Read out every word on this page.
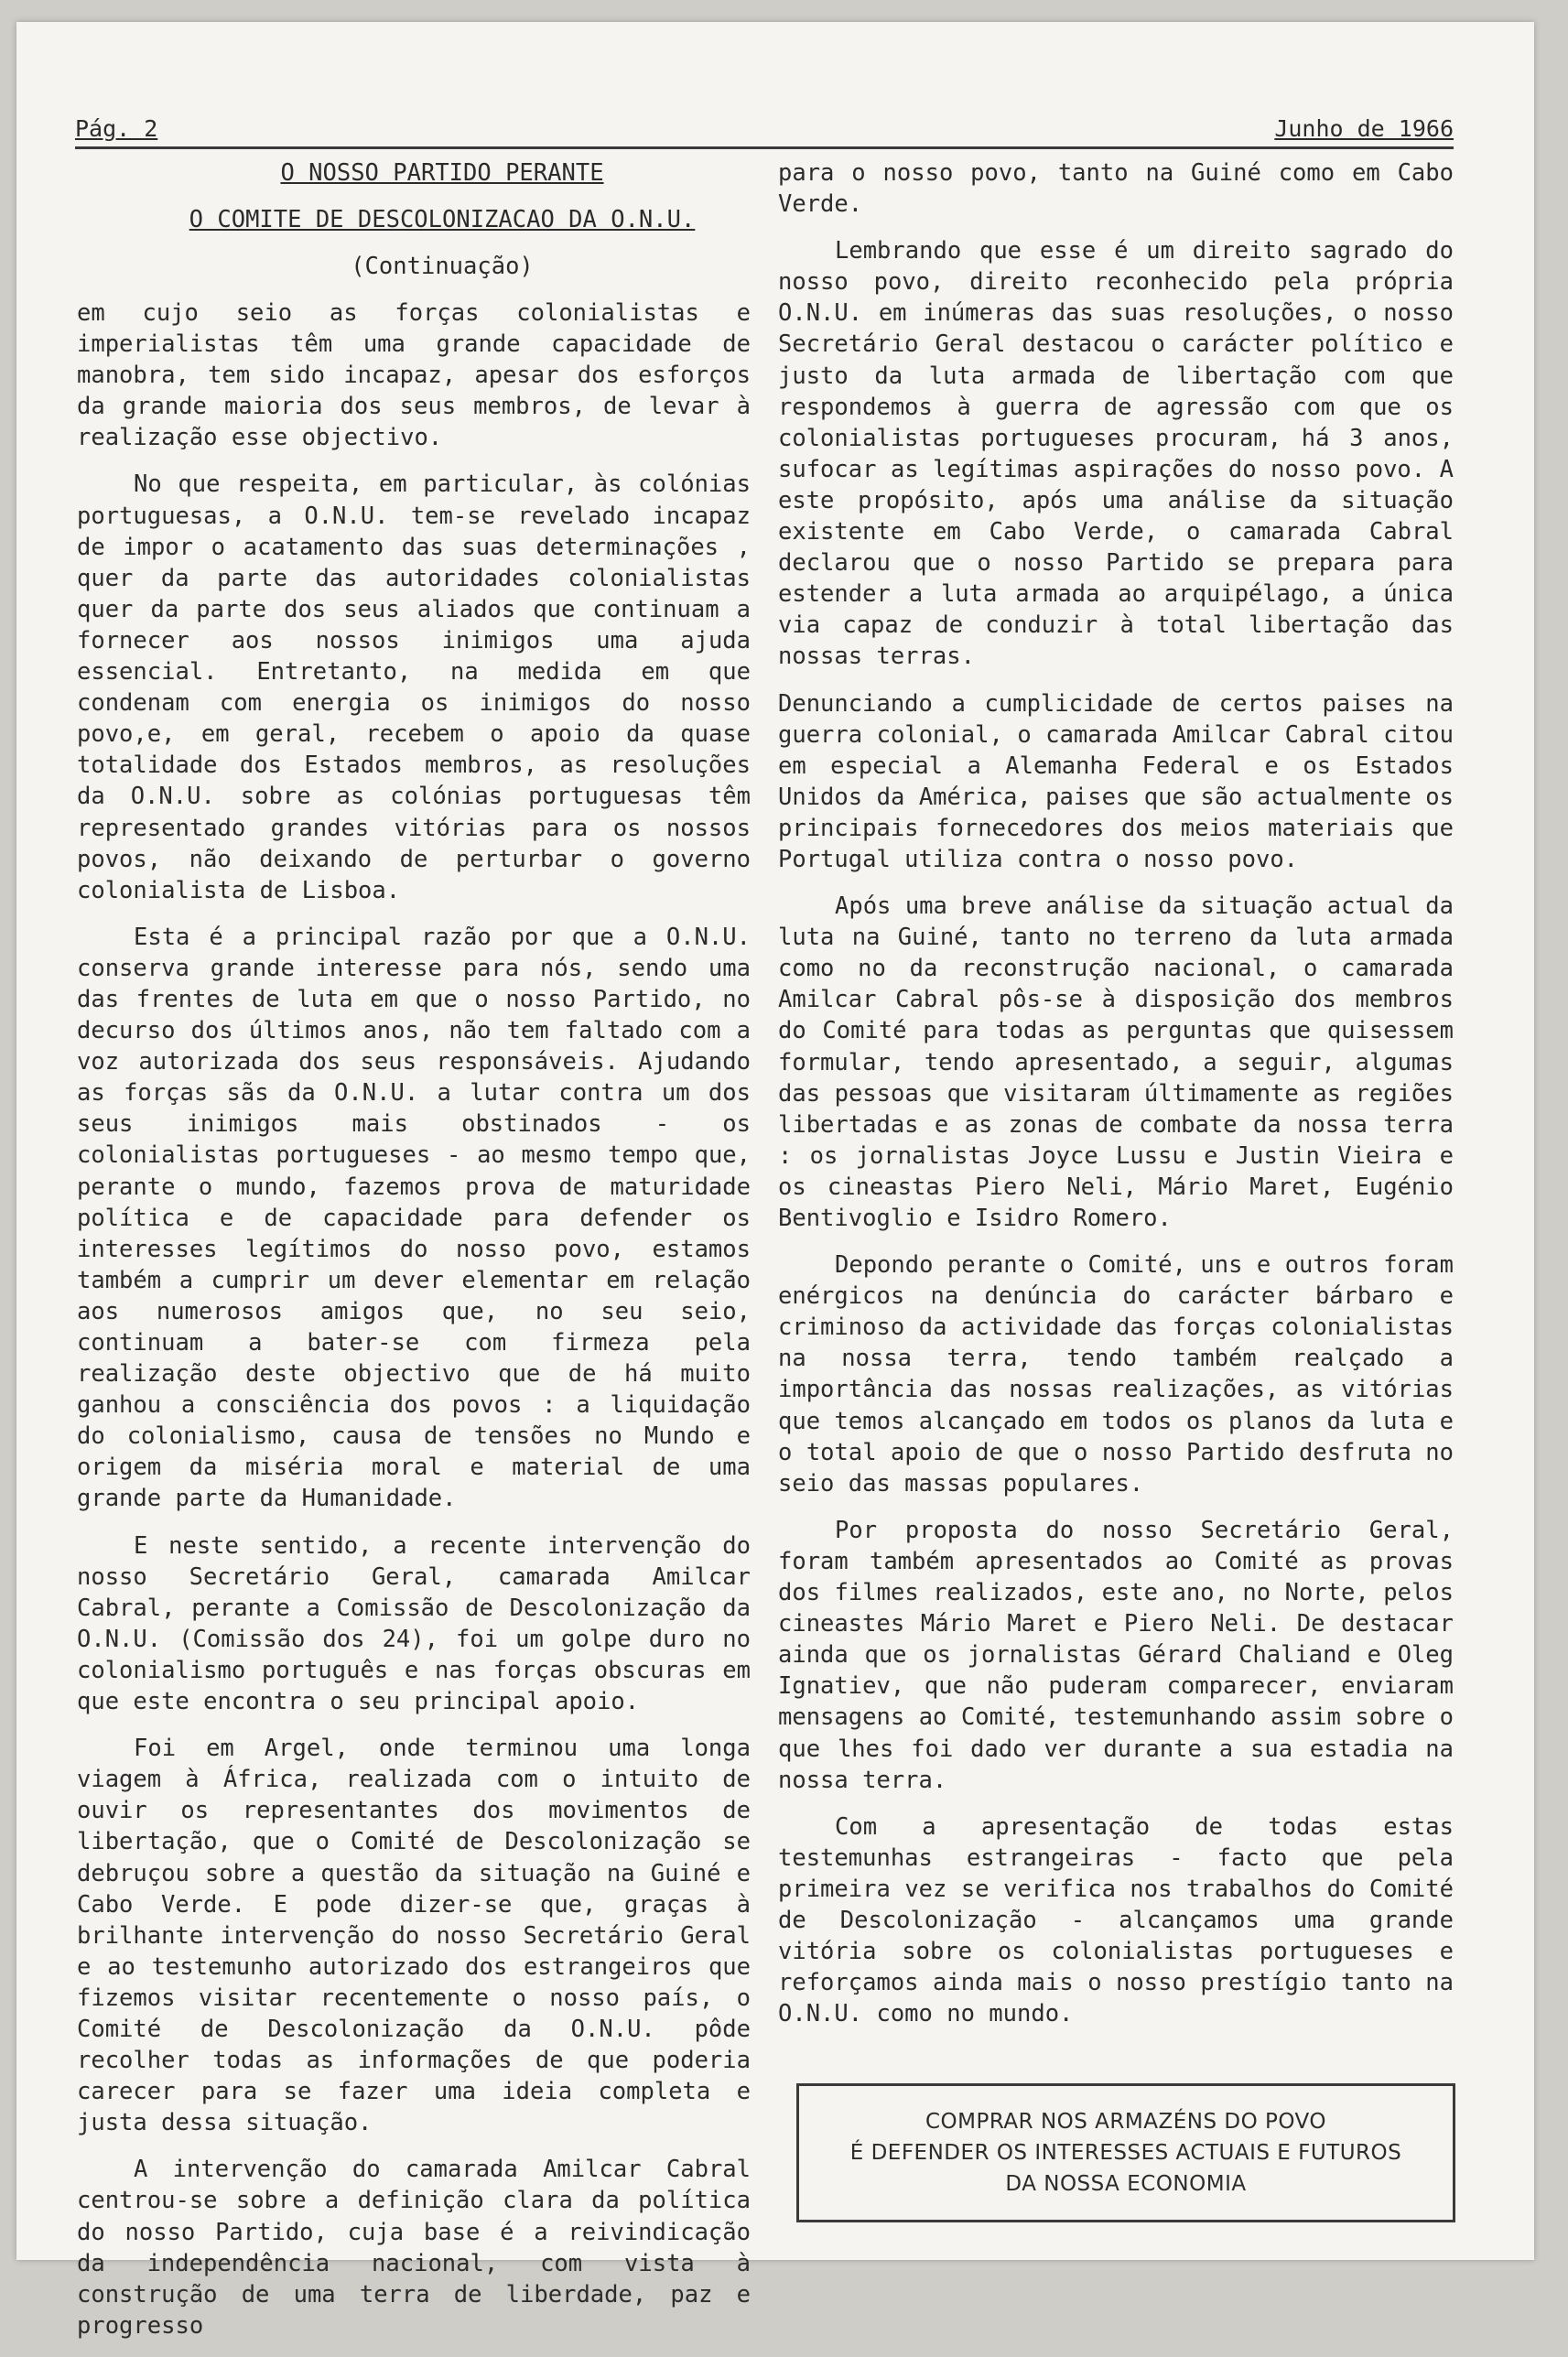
Pág. 2	Junho de 1966

O NOSSO PARTIDO PERANTE

O COMITE DE DESCOLONIZACAO DA O.N.U.

(Continuação)

em cujo seio as forças colonialistas e imperialistas têm uma grande capacidade de manobra, tem sido incapaz, apesar dos esforços da grande maioria dos seus membros, de levar à realização esse objectivo.

No que respeita, em particular, às colónias portuguesas, a O.N.U. tem-se revelado incapaz de impor o acatamento das suas determinações , quer da parte das autoridades colonialistas quer da parte dos seus aliados que continuam a fornecer aos nossos inimigos uma ajuda essencial. Entretanto, na medida em que condenam com energia os inimigos do nosso povo,e, em geral, recebem o apoio da quase totalidade dos Estados membros, as resoluções da O.N.U. sobre as colónias portuguesas têm representado grandes vitórias para os nossos povos, não deixando de perturbar o governo colonialista de Lisboa.

Esta é a principal razão por que a O.N.U. conserva grande interesse para nós, sendo uma das frentes de luta em que o nosso Partido, no decurso dos últimos anos, não tem faltado com a voz autorizada dos seus responsáveis. Ajudando as forças sãs da O.N.U. a lutar contra um dos seus inimigos mais obstinados - os colonialistas portugueses - ao mesmo tempo que, perante o mundo, fazemos prova de maturidade política e de capacidade para defender os interesses legítimos do nosso povo, estamos também a cumprir um dever elementar em relação aos numerosos amigos que, no seu seio, continuam a bater-se com firmeza pela realização deste objectivo que de há muito ganhou a consciência dos povos : a liquidação do colonialismo, causa de tensões no Mundo e origem da miséria moral e material de uma grande parte da Humanidade.

E neste sentido, a recente intervenção do nosso Secretário Geral, camarada Amilcar Cabral, perante a Comissão de Descolonização da O.N.U. (Comissão dos 24), foi um golpe duro no colonialismo português e nas forças obscuras em que este encontra o seu principal apoio.

Foi em Argel, onde terminou uma longa viagem à África, realizada com o intuito de ouvir os representantes dos movimentos de libertação, que o Comité de Descolonização se debruçou sobre a questão da situação na Guiné e Cabo Verde. E pode dizer-se que, graças à brilhante intervenção do nosso Secretário Geral e ao testemunho autorizado dos estrangeiros que fizemos visitar recentemente o nosso país, o Comité de Descolonização da O.N.U. pôde recolher todas as informações de que poderia carecer para se fazer uma ideia completa e justa dessa situação.

A intervenção do camarada Amilcar Cabral centrou-se sobre a definição clara da política do nosso Partido, cuja base é a reivindicação da independência nacional, com vista à construção de uma terra de liberdade, paz e progresso

para o nosso povo, tanto na Guiné como em Cabo Verde.

Lembrando que esse é um direito sagrado do nosso povo, direito reconhecido pela própria O.N.U. em inúmeras das suas resoluções, o nosso Secretário Geral destacou o carácter político e justo da luta armada de libertação com que respondemos à guerra de agressão com que os colonialistas portugueses procuram, há 3 anos, sufocar as legítimas aspirações do nosso povo. A este propósito, após uma análise da situação existente em Cabo Verde, o camarada Cabral declarou que o nosso Partido se prepara para estender a luta armada ao arquipélago, a única via capaz de conduzir à total libertação das nossas terras.

Denunciando a cumplicidade de certos paises na guerra colonial, o camarada Amilcar Cabral citou em especial a Alemanha Federal e os Estados Unidos da América, paises que são actualmente os principais fornecedores dos meios materiais que Portugal utiliza contra o nosso povo.

Após uma breve análise da situação actual da luta na Guiné, tanto no terreno da luta armada como no da reconstrução nacional, o camarada Amilcar Cabral pôs-se à disposição dos membros do Comité para todas as perguntas que quisessem formular, tendo apresentado, a seguir, algumas das pessoas que visitaram últimamente as regiões libertadas e as zonas de combate da nossa terra : os jornalistas Joyce Lussu e Justin Vieira e os cineastas Piero Neli, Mário Maret, Eugénio Bentivoglio e Isidro Romero.

Depondo perante o Comité, uns e outros foram enérgicos na denúncia do carácter bárbaro e criminoso da actividade das forças colonialistas na nossa terra, tendo também realçado a importância das nossas realizações, as vitórias que temos alcançado em todos os planos da luta e o total apoio de que o nosso Partido desfruta no seio das massas populares.

Por proposta do nosso Secretário Geral, foram também apresentados ao Comité as provas dos filmes realizados, este ano, no Norte, pelos cineastes Mário Maret e Piero Neli. De destacar ainda que os jornalistas Gérard Chaliand e Oleg Ignatiev, que não puderam comparecer, enviaram mensagens ao Comité, testemunhando assim sobre o que lhes foi dado ver durante a sua estadia na nossa terra.

Com a apresentação de todas estas testemunhas estrangeiras - facto que pela primeira vez se verifica nos trabalhos do Comité de Descolonização - alcançamos uma grande vitória sobre os colonialistas portugueses e reforçamos ainda mais o nosso prestígio tanto na O.N.U. como no mundo.

COMPRAR NOS ARMAZÉNS DO POVO
É DEFENDER OS INTERESSES ACTUAIS E FUTUROS
DA NOSSA ECONOMIA
